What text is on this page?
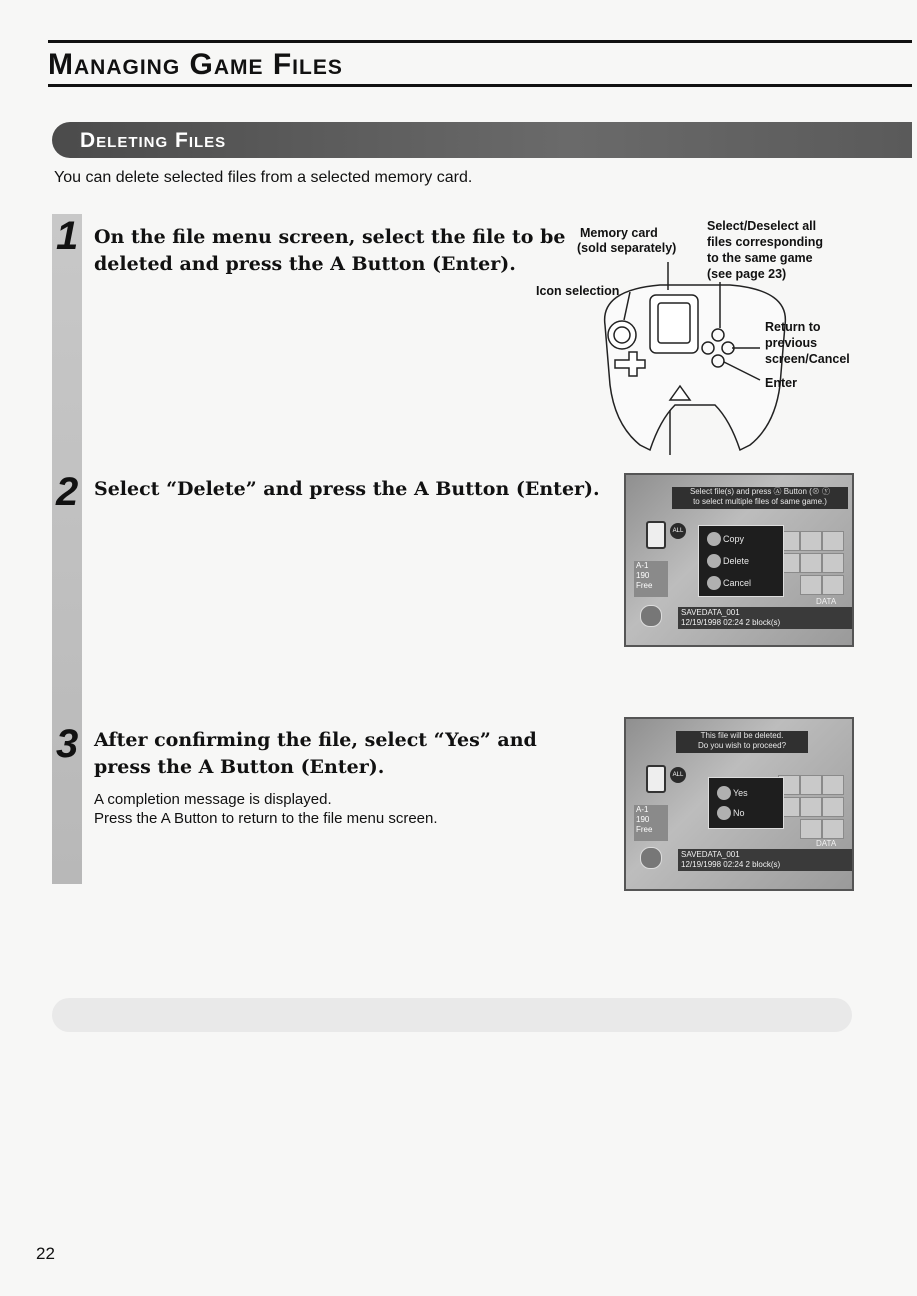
Managing Game Files
Deleting Files
You can delete selected files from a selected memory card.
1 On the file menu screen, select the file to be
deleted and press the A Button (Enter).
Memory card
(sold separately)
Select/Deselect all
files corresponding
to the same game
(see page 23)
Icon selection
Return to
previous
screen/Cancel
Enter
2 Select “Delete” and press the A Button (Enter).	Select file(s) and press Ⓐ Button (⊗ ⓨ
to select multiple files of same game.)
ALL
A-1
190
Free
Copy
Delete
Cancel
DATA
SAVEDATA_001
12/19/1998 02:24 2 block(s)
3 After confirming the file, select “Yes” and
press the A Button (Enter).
A completion message is displayed.
Press the A Button to return to the file menu screen.
This file will be deleted.
Do you wish to proceed?
ALL
A-1
190
Free
Yes
No
DATA
SAVEDATA_001
12/19/1998 02:24 2 block(s)
22
